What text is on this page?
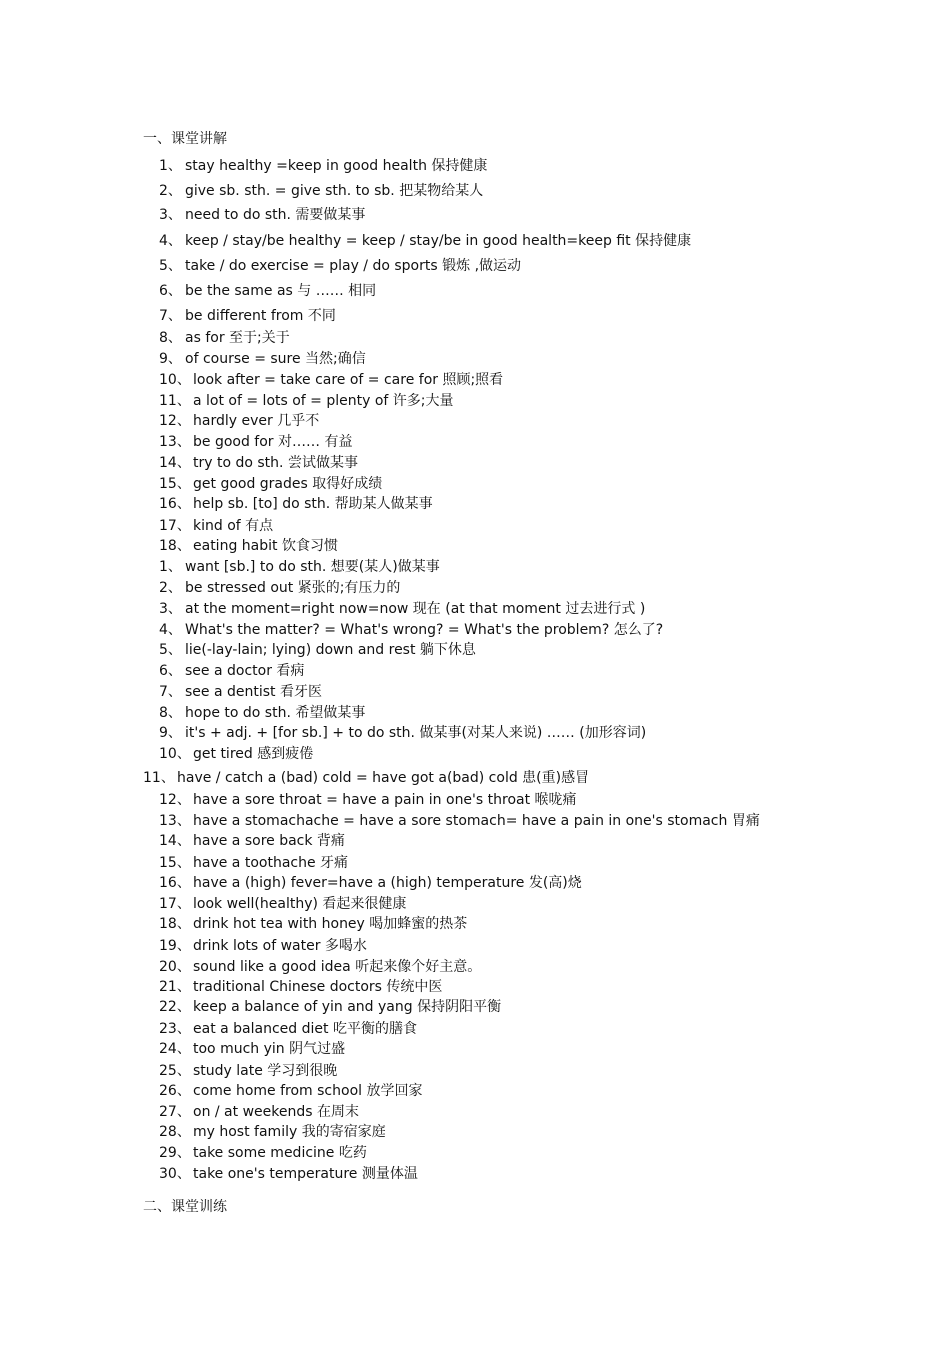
一、课堂讲解
1、 stay healthy =keep in good health 保持健康
2、 give sb. sth. = give sth. to sb. 把某物给某人
3、 need to do sth. 需要做某事
4、 keep / stay/be healthy = keep / stay/be in good health=keep fit 保持健康
5、 take / do exercise = play / do sports 锻炼 ,做运动
6、 be the same as 与 …… 相同
7、 be different from 不同
8、 as for 至于;关于
9、 of course = sure 当然;确信
10、 look after = take care of = care for 照顾;照看
11、 a lot of = lots of = plenty of 许多;大量
12、 hardly ever 几乎不
13、 be good for 对…… 有益
14、 try to do sth. 尝试做某事
15、 get good grades 取得好成绩
16、 help sb. [to] do sth. 帮助某人做某事
17、 kind of 有点
18、 eating habit 饮食习惯
1、 want [sb.] to do sth. 想要(某人)做某事
2、 be stressed out 紧张的;有压力的
3、 at the moment=right now=now 现在 (at that moment 过去进行式 )
4、 What's the matter? = What's wrong? = What's the problem? 怎么了?
5、 lie(-lay-lain; lying) down and rest 躺下休息
6、 see a doctor 看病
7、 see a dentist 看牙医
8、 hope to do sth. 希望做某事
9、 it's + adj. + [for sb.] + to do sth. 做某事(对某人来说) …… (加形容词)
10、 get tired 感到疲倦
11、 have / catch a (bad) cold = have got a(bad) cold 患(重)感冒
12、 have a sore throat = have a pain in one's throat 喉咙痛
13、 have a stomachache = have a sore stomach= have a pain in one's stomach 胃痛
14、 have a sore back 背痛
15、 have a toothache 牙痛
16、 have a (high) fever=have a (high) temperature 发(高)烧
17、 look well(healthy) 看起来很健康
18、 drink hot tea with honey 喝加蜂蜜的热茶
19、 drink lots of water 多喝水
20、 sound like a good idea 听起来像个好主意。
21、 traditional Chinese doctors 传统中医
22、 keep a balance of yin and yang 保持阴阳平衡
23、 eat a balanced diet 吃平衡的膳食
24、 too much yin 阴气过盛
25、 study late 学习到很晚
26、 come home from school 放学回家
27、 on / at weekends 在周末
28、 my host family 我的寄宿家庭
29、 take some medicine 吃药
30、 take one's temperature 测量体温
二、课堂训练
